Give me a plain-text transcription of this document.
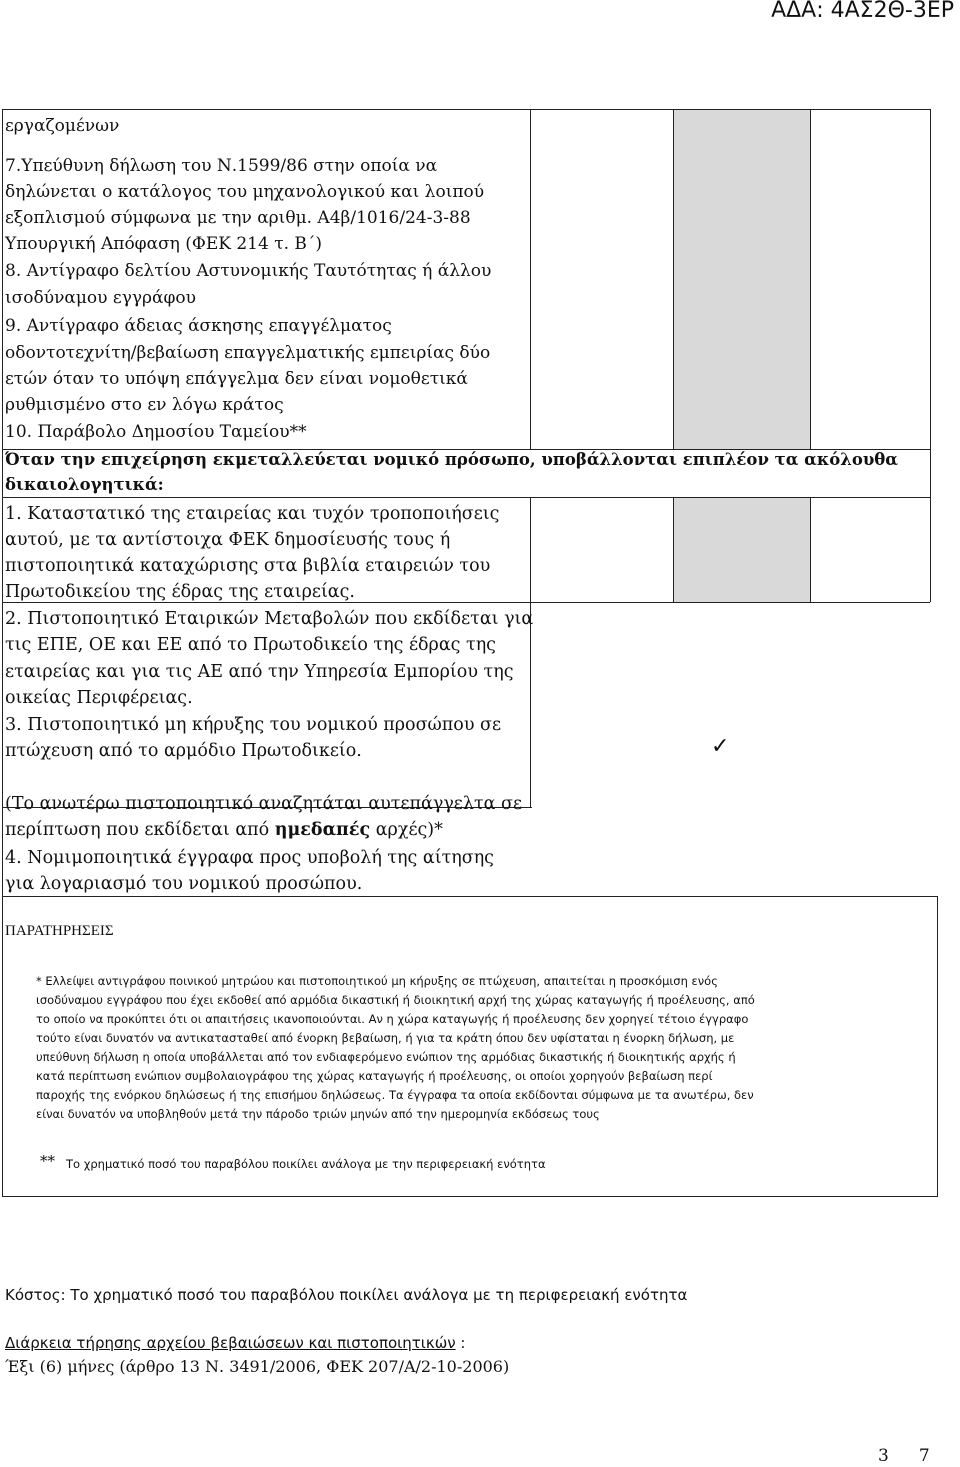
ΑΔΑ: 4ΑΣ2Θ-3ΕΡ
εργαζομένων
7.Υπεύθυνη δήλωση του Ν.1599/86 στην οποία να
δηλώνεται ο κατάλογος του μηχανολογικού και λοιπού
εξοπλισμού σύμφωνα με την αριθμ. Α4β/1016/24-3-88
Υπουργική Απόφαση (ΦΕΚ 214 τ. Β΄)
8. Αντίγραφο δελτίου Αστυνομικής Ταυτότητας ή άλλου
ισοδύναμου εγγράφου
9. Αντίγραφο άδειας άσκησης επαγγέλματος
οδοντοτεχνίτη/βεβαίωση επαγγελματικής εμπειρίας δύο
ετών όταν το υπόψη επάγγελμα δεν είναι νομοθετικά
ρυθμισμένο στο εν λόγω κράτος
10. Παράβολο Δημοσίου Ταμείου**
Όταν την επιχείρηση εκμεταλλεύεται νομικό πρόσωπο, υποβάλλονται επιπλέον τα ακόλουθα
δικαιολογητικά:
1. Καταστατικό της εταιρείας και τυχόν τροποποιήσεις
αυτού, με τα αντίστοιχα ΦΕΚ δημοσίευσής τους ή
πιστοποιητικά καταχώρισης στα βιβλία εταιρειών του
Πρωτοδικείου της έδρας της εταιρείας.
2. Πιστοποιητικό Εταιρικών Μεταβολών που εκδίδεται για
τις ΕΠΕ, ΟΕ και ΕΕ από το Πρωτοδικείο της έδρας της
εταιρείας και για τις ΑΕ από την Υπηρεσία Εμπορίου της
οικείας Περιφέρειας.
3. Πιστοποιητικό μη κήρυξης του νομικού προσώπου σε
πτώχευση από το αρμόδιο Πρωτοδικείο.	✓
(Το ανωτέρω πιστοποιητικό αναζητάται αυτεπάγγελτα σε
περίπτωση που εκδίδεται από ημεδαπές αρχές)*
4. Νομιμοποιητικά έγγραφα προς υποβολή της αίτησης
για λογαριασμό του νομικού προσώπου.
ΠΑΡΑΤΗΡΗΣΕΙΣ
* Ελλείψει αντιγράφου ποινικού μητρώου και πιστοποιητικού μη κήρυξης σε πτώχευση, απαιτείται η προσκόμιση ενός
ισοδύναμου εγγράφου που έχει εκδοθεί από αρμόδια δικαστική ή διοικητική αρχή της χώρας καταγωγής ή προέλευσης, από
το οποίο να προκύπτει ότι οι απαιτήσεις ικανοποιούνται. Αν η χώρα καταγωγής ή προέλευσης δεν χορηγεί τέτοιο έγγραφο
τούτο είναι δυνατόν να αντικατασταθεί από ένορκη βεβαίωση, ή για τα κράτη όπου δεν υφίσταται η ένορκη δήλωση, με
υπεύθυνη δήλωση η οποία υποβάλλεται από τον ενδιαφερόμενο ενώπιον της αρμόδιας δικαστικής ή διοικητικής αρχής ή
κατά περίπτωση ενώπιον συμβολαιογράφου της χώρας καταγωγής ή προέλευσης, οι οποίοι χορηγούν βεβαίωση περί
παροχής της ενόρκου δηλώσεως ή της επισήμου δηλώσεως. Τα έγγραφα τα οποία εκδίδονται σύμφωνα με τα ανωτέρω, δεν
είναι δυνατόν να υποβληθούν μετά την πάροδο τριών μηνών από την ημερομηνία εκδόσεως τους
** Το χρηματικό ποσό του παραβόλου ποικίλει ανάλογα με την περιφερειακή ενότητα
Κόστος: Το χρηματικό ποσό του παραβόλου ποικίλει ανάλογα με τη περιφερειακή ενότητα
Διάρκεια τήρησης αρχείου βεβαιώσεων και πιστοποιητικών :
Έξι (6) μήνες (άρθρο 13 Ν. 3491/2006, ΦΕΚ 207/Α/2-10-2006)
3 7
